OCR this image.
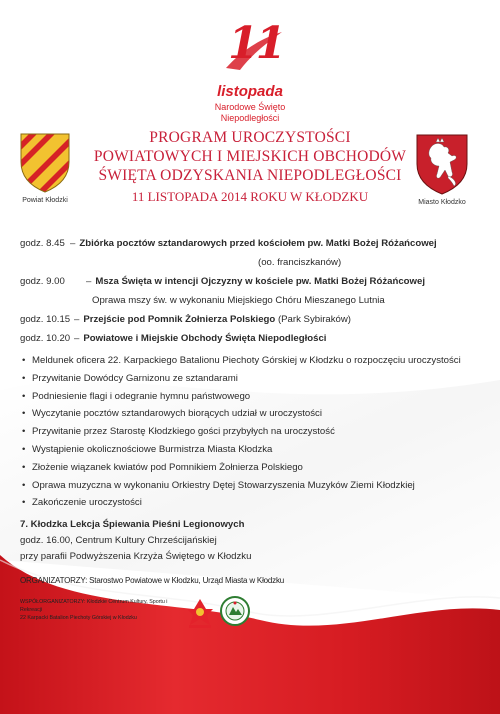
11
listopada
Narodowe Święto
Niepodległości
Powiat Kłodzki	Miasto Kłodzko
PROGRAM UROCZYSTOŚCI
POWIATOWYCH I MIEJSKICH OBCHODÓW
ŚWIĘTA ODZYSKANIA NIEPODLEGŁOŚCI
11 LISTOPADA 2014 ROKU W KŁODZKU
godz. 8.45 – Zbiórka pocztów sztandarowych przed kościołem pw. Matki Bożej Różańcowej
(oo. franciszkanów)
godz. 9.00 – Msza Święta w intencji Ojczyzny w kościele pw. Matki Bożej Różańcowej
Oprawa mszy św. w wykonaniu Miejskiego Chóru Mieszanego Lutnia
godz. 10.15 – Przejście pod Pomnik Żołnierza Polskiego (Park Sybiraków)
godz. 10.20 – Powiatowe i Miejskie Obchody Święta Niepodległości
• Meldunek oficera 22. Karpackiego Batalionu Piechoty Górskiej w Kłodzku o rozpoczęciu uroczystości
• Przywitanie Dowódcy Garnizonu ze sztandarami
• Podniesienie flagi i odegranie hymnu państwowego
• Wyczytanie pocztów sztandarowych biorących udział w uroczystości
• Przywitanie przez Starostę Kłodzkiego gości przybyłych na uroczystość
• Wystąpienie okolicznościowe Burmistrza Miasta Kłodzka
• Złożenie wiązanek kwiatów pod Pomnikiem Żołnierza Polskiego
• Oprawa muzyczna w wykonaniu Orkiestry Dętej Stowarzyszenia Muzyków Ziemi Kłodzkiej
• Zakończenie uroczystości
7. Kłodzka Lekcja Śpiewania Pieśni Legionowych
godz. 16.00, Centrum Kultury Chrześcijańskiej
przy parafii Podwyższenia Krzyża Świętego w Kłodzku
ORGANIZATORZY: Starostwo Powiatowe w Kłodzku, Urząd Miasta w Kłodzku
WSPÓŁORGANIZATORZY: Kłodzkie Centrum Kultury, Sportu i Rekreacji
22 Karpacki Batalion Piechoty Górskiej w Kłodzku
